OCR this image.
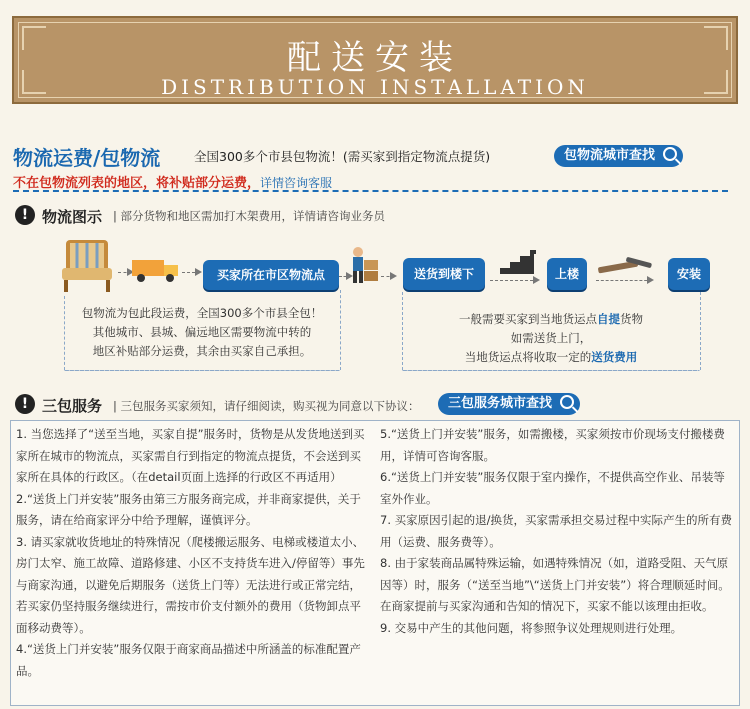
配送安装
DISTRIBUTION INSTALLATION
物流运费/包物流	全国300多个市县包物流！(需买家到指定物流点提货)	包物流城市查找
不在包物流列表的地区，将补贴部分运费，详情咨询客服
! 物流图示 | 部分货物和地区需加打木架费用，详情请咨询业务员
买家所在市区物流点	送货到楼下	上楼	安装
包物流为包此段运费，全国300多个市县全包！
其他城市、县城、偏远地区需要物流中转的
地区补贴部分运费，其余由买家自己承担。
一般需要买家到当地货运点自提货物
如需送货上门，
当地货运点将收取一定的送货费用
! 三包服务 | 三包服务买家须知，请仔细阅读，购买视为同意以下协议：	三包服务城市查找

1. 当您选择了“送至当地，买家自提”服务时，货物是从发货地送到买家所在城市的物流点，买家需自行到指定的物流点提货，不会送到买家所在具体的行政区。（在detail页面上选择的行政区不再适用）

2.“送货上门并安装”服务由第三方服务商完成，并非商家提供，关于服务，请在给商家评分中给予理解，谨慎评分。

3. 请买家就收货地址的特殊情况（爬楼搬运服务、电梯或楼道太小、房门太窄、施工故障、道路修建、小区不支持货车进入/停留等）事先与商家沟通，以避免后期服务（送货上门等）无法进行或正常完结，若买家仍坚持服务继续进行，需按市价支付额外的费用（货物卸点平面移动费等）。

4.“送货上门并安装”服务仅限于商家商品描述中所涵盖的标准配置产品。

5.“送货上门并安装”服务，如需搬楼，买家须按市价现场支付搬楼费用，详情可咨询客服。

6.“送货上门并安装”服务仅限于室内操作，不提供高空作业、吊装等室外作业。

7. 买家原因引起的退/换货，买家需承担交易过程中实际产生的所有费用（运费、服务费等）。

8. 由于家装商品属特殊运输，如遇特殊情况（如，道路受阻、天气原因等）时，服务（“送至当地”\“送货上门并安装”）将合理顺延时间。在商家提前与买家沟通和告知的情况下，买家不能以该理由拒收。

9. 交易中产生的其他问题，将参照争议处理规则进行处理。
